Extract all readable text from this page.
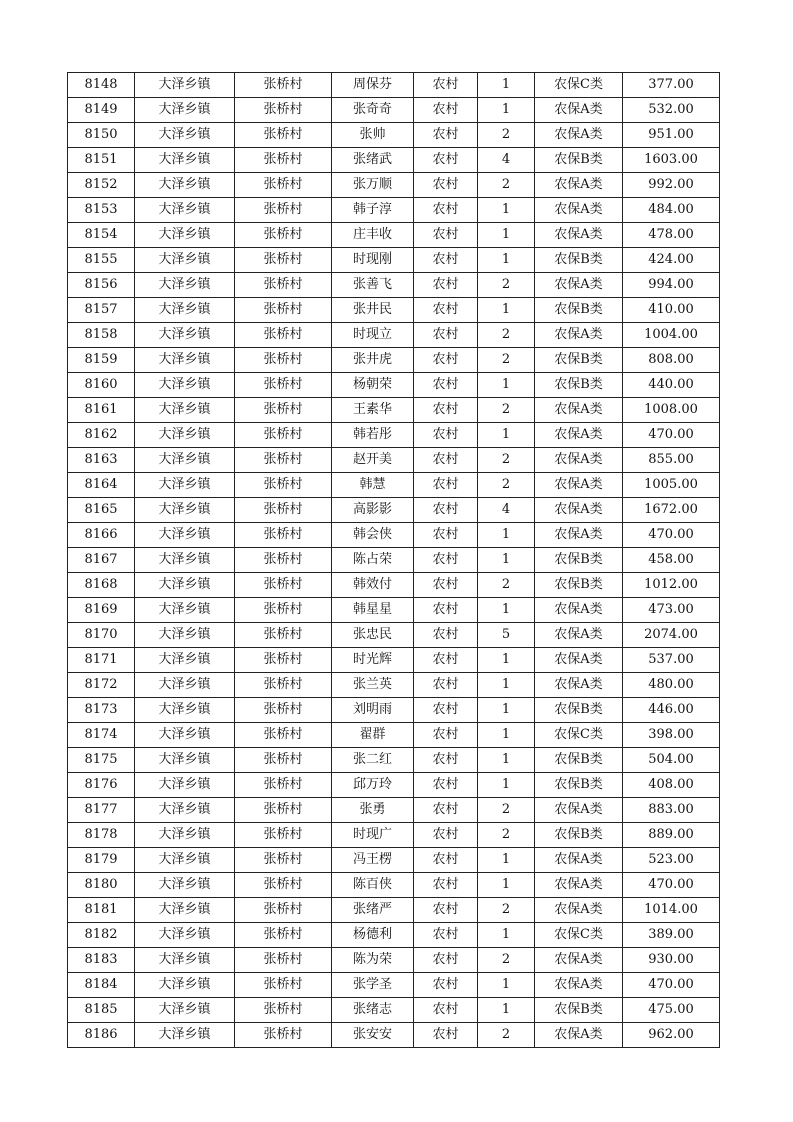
8148	大泽乡镇	张桥村	周保芬	农村	1	农保C类	377.00
8149	大泽乡镇	张桥村	张奇奇	农村	1	农保A类	532.00
8150	大泽乡镇	张桥村	张帅	农村	2	农保A类	951.00
8151	大泽乡镇	张桥村	张绪武	农村	4	农保B类	1603.00
8152	大泽乡镇	张桥村	张万顺	农村	2	农保A类	992.00
8153	大泽乡镇	张桥村	韩子淳	农村	1	农保A类	484.00
8154	大泽乡镇	张桥村	庄丰收	农村	1	农保A类	478.00
8155	大泽乡镇	张桥村	时现刚	农村	1	农保B类	424.00
8156	大泽乡镇	张桥村	张善飞	农村	2	农保A类	994.00
8157	大泽乡镇	张桥村	张井民	农村	1	农保B类	410.00
8158	大泽乡镇	张桥村	时现立	农村	2	农保A类	1004.00
8159	大泽乡镇	张桥村	张井虎	农村	2	农保B类	808.00
8160	大泽乡镇	张桥村	杨朝荣	农村	1	农保B类	440.00
8161	大泽乡镇	张桥村	王素华	农村	2	农保A类	1008.00
8162	大泽乡镇	张桥村	韩若彤	农村	1	农保A类	470.00
8163	大泽乡镇	张桥村	赵开美	农村	2	农保A类	855.00
8164	大泽乡镇	张桥村	韩慧	农村	2	农保A类	1005.00
8165	大泽乡镇	张桥村	高影影	农村	4	农保A类	1672.00
8166	大泽乡镇	张桥村	韩会侠	农村	1	农保A类	470.00
8167	大泽乡镇	张桥村	陈占荣	农村	1	农保B类	458.00
8168	大泽乡镇	张桥村	韩效付	农村	2	农保B类	1012.00
8169	大泽乡镇	张桥村	韩星星	农村	1	农保A类	473.00
8170	大泽乡镇	张桥村	张忠民	农村	5	农保A类	2074.00
8171	大泽乡镇	张桥村	时光辉	农村	1	农保A类	537.00
8172	大泽乡镇	张桥村	张兰英	农村	1	农保A类	480.00
8173	大泽乡镇	张桥村	刘明雨	农村	1	农保B类	446.00
8174	大泽乡镇	张桥村	翟群	农村	1	农保C类	398.00
8175	大泽乡镇	张桥村	张二红	农村	1	农保B类	504.00
8176	大泽乡镇	张桥村	邱万玲	农村	1	农保B类	408.00
8177	大泽乡镇	张桥村	张勇	农村	2	农保A类	883.00
8178	大泽乡镇	张桥村	时现广	农村	2	农保B类	889.00
8179	大泽乡镇	张桥村	冯王楞	农村	1	农保A类	523.00
8180	大泽乡镇	张桥村	陈百侠	农村	1	农保A类	470.00
8181	大泽乡镇	张桥村	张绪严	农村	2	农保A类	1014.00
8182	大泽乡镇	张桥村	杨德利	农村	1	农保C类	389.00
8183	大泽乡镇	张桥村	陈为荣	农村	2	农保A类	930.00
8184	大泽乡镇	张桥村	张学圣	农村	1	农保A类	470.00
8185	大泽乡镇	张桥村	张绪志	农村	1	农保B类	475.00
8186	大泽乡镇	张桥村	张安安	农村	2	农保A类	962.00
